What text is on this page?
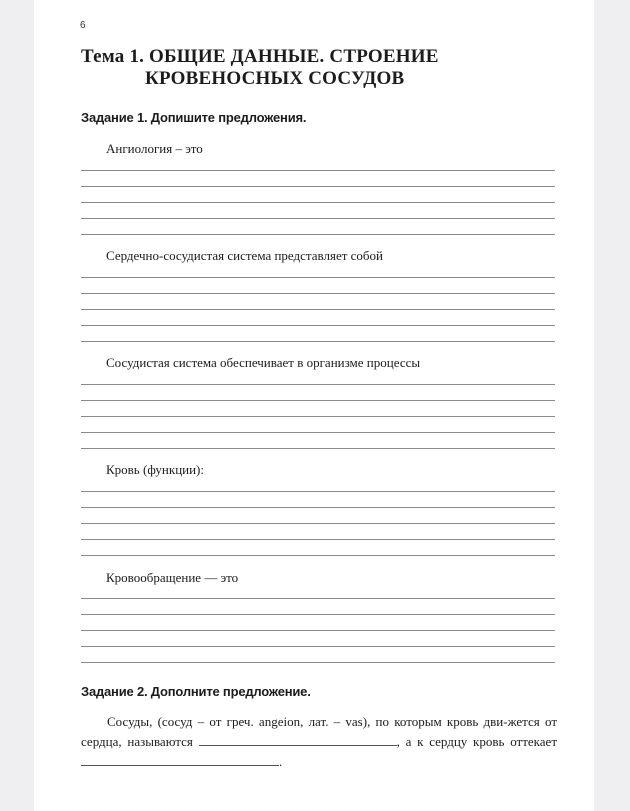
6
Тема 1. ОБЩИЕ ДАННЫЕ. СТРОЕНИЕ
КРОВЕНОСНЫХ СОСУДОВ
Задание 1. Допишите предложения.
Ангиология – это
Сердечно-сосудистая система представляет собой
Сосудистая система обеспечивает в организме процессы
Кровь (функции):
Кровообращение — это
Задание 2. Дополните предложение.
Сосуды, (сосуд – от греч. angeion, лат. – vas), по которым кровь дви-жется от сердца, называются	, а к сердцу кровь оттекает .
